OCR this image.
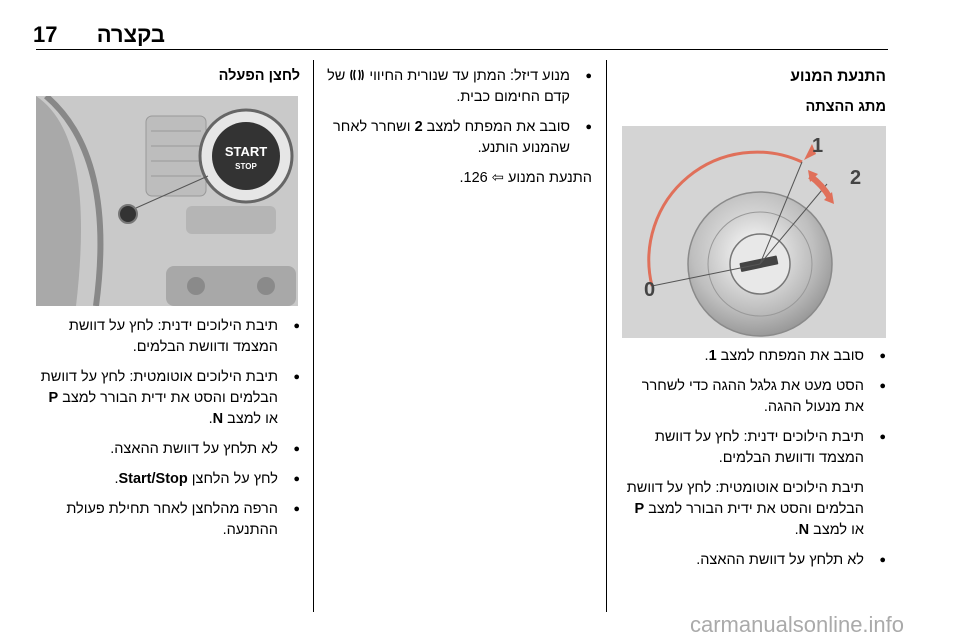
17 בקצרה
התנעת המנוע
מתג ההצתה
0
1
2
● סובב את המפתח למצב 1.
● הסט מעט את גלגל ההגה כדי לשחרר את מנעול ההגה.
● תיבת הילוכים ידנית: לחץ על דוושת המצמד ודוושת הבלמים.
תיבת הילוכים אוטומטית: לחץ על דוושת הבלמים והסט את ידית הבורר למצב P או למצב N.
● לא תלחץ על דוושת ההאצה.
● מנוע דיזל: המתן עד שנורית החיווי  של קדם החימום כבית.
● סובב את המפתח למצב 2 ושחרר לאחר שהמנוע הותנע.
התנעת המנוע ⇦ 126.
לחצן הפעלה
START
STOP
● תיבת הילוכים ידנית: לחץ על דוושת המצמד ודוושת הבלמים.
● תיבת הילוכים אוטומטית: לחץ על דוושת הבלמים והסט את ידית הבורר למצב P או למצב N.
● לא תלחץ על דוושת ההאצה.
● לחץ על הלחצן Start/Stop.
● הרפה מהלחצן לאחר תחילת פעולת ההתנעה.
carmanualsonline.info
